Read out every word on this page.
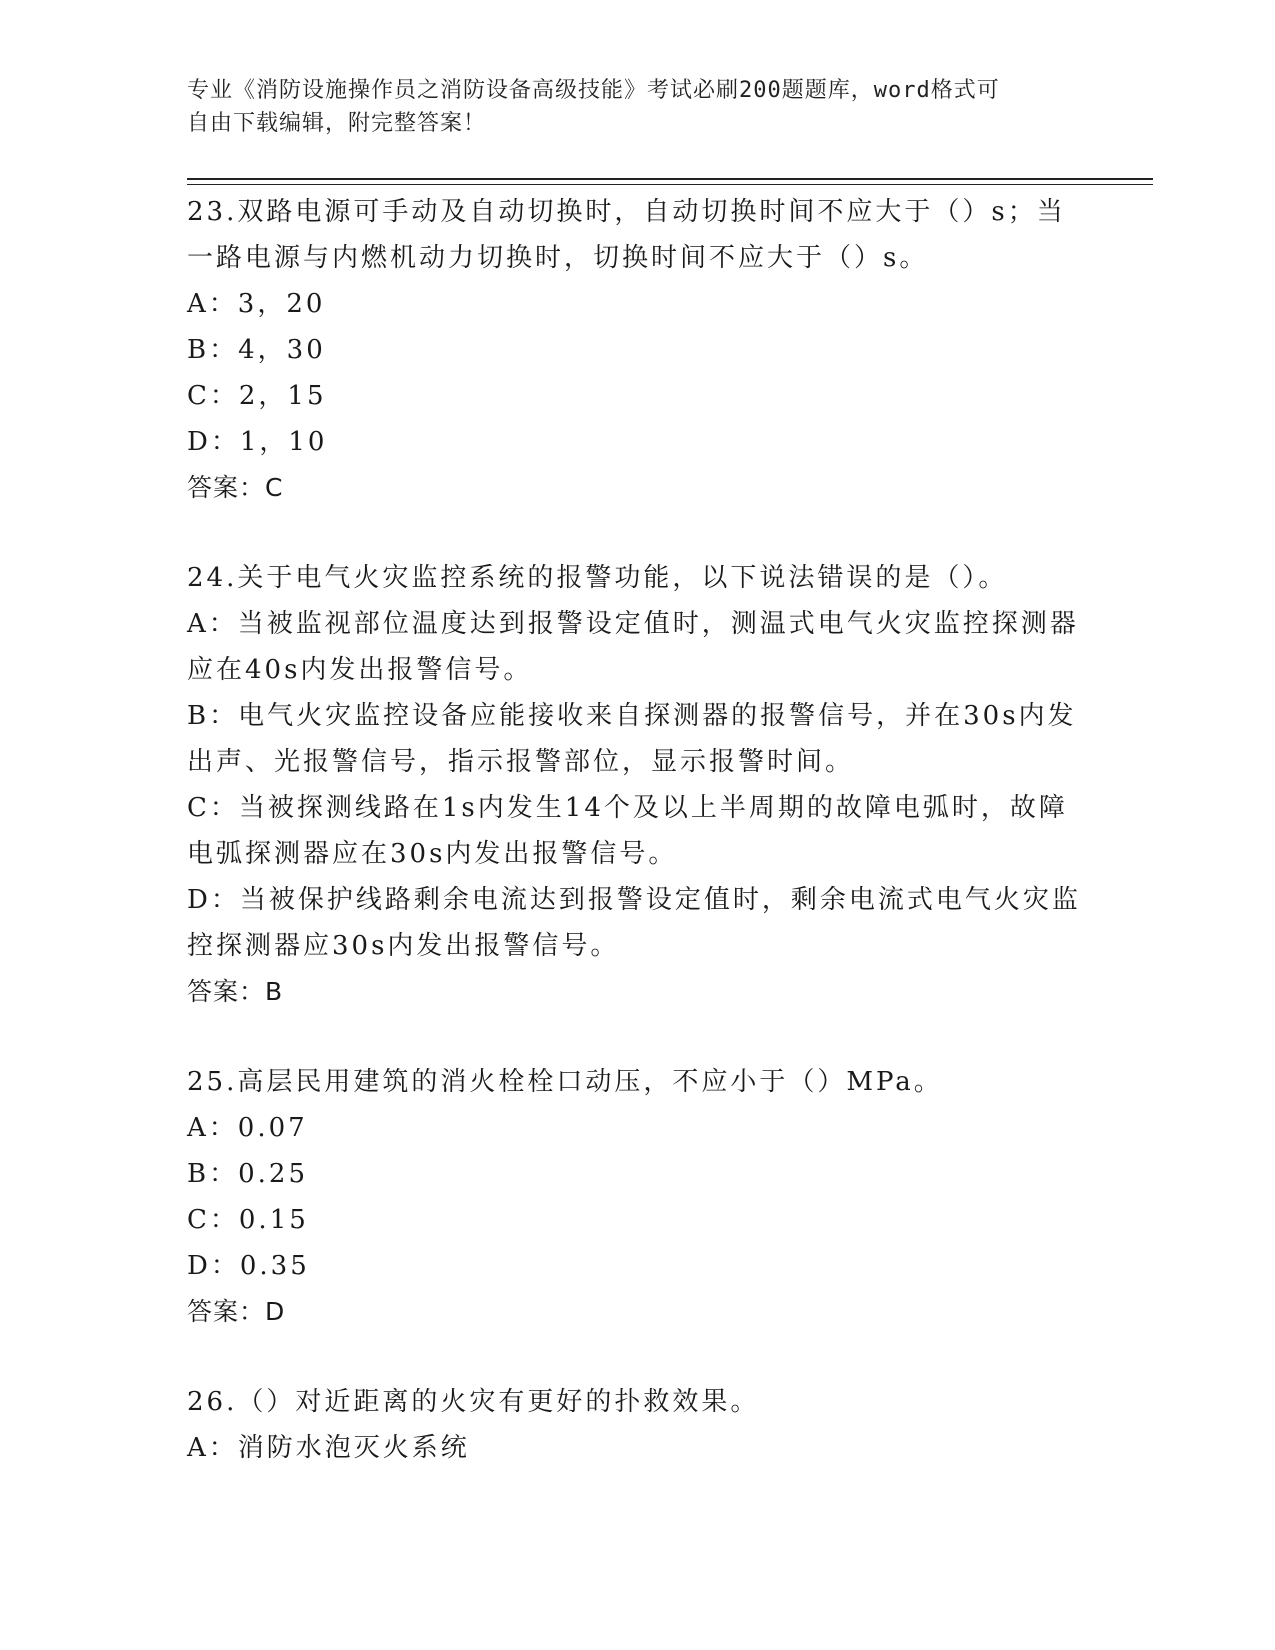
专业《消防设施操作员之消防设备高级技能》考试必刷200题题库，word格式可
自由下载编辑，附完整答案！
23.双路电源可手动及自动切换时，自动切换时间不应大于（）s；当
一路电源与内燃机动力切换时，切换时间不应大于（）s。
A：3，20
B：4，30
C：2，15
D：1，10
答案：C
24.关于电气火灾监控系统的报警功能，以下说法错误的是（）。
A：当被监视部位温度达到报警设定值时，测温式电气火灾监控探测器
应在40s内发出报警信号。
B：电气火灾监控设备应能接收来自探测器的报警信号，并在30s内发
出声、光报警信号，指示报警部位，显示报警时间。
C：当被探测线路在1s内发生14个及以上半周期的故障电弧时，故障
电弧探测器应在30s内发出报警信号。
D：当被保护线路剩余电流达到报警设定值时，剩余电流式电气火灾监
控探测器应30s内发出报警信号。
答案：B
25.高层民用建筑的消火栓栓口动压，不应小于（）MPa。
A：0.07
B：0.25
C：0.15
D：0.35
答案：D
26.（）对近距离的火灾有更好的扑救效果。
A：消防水泡灭火系统
